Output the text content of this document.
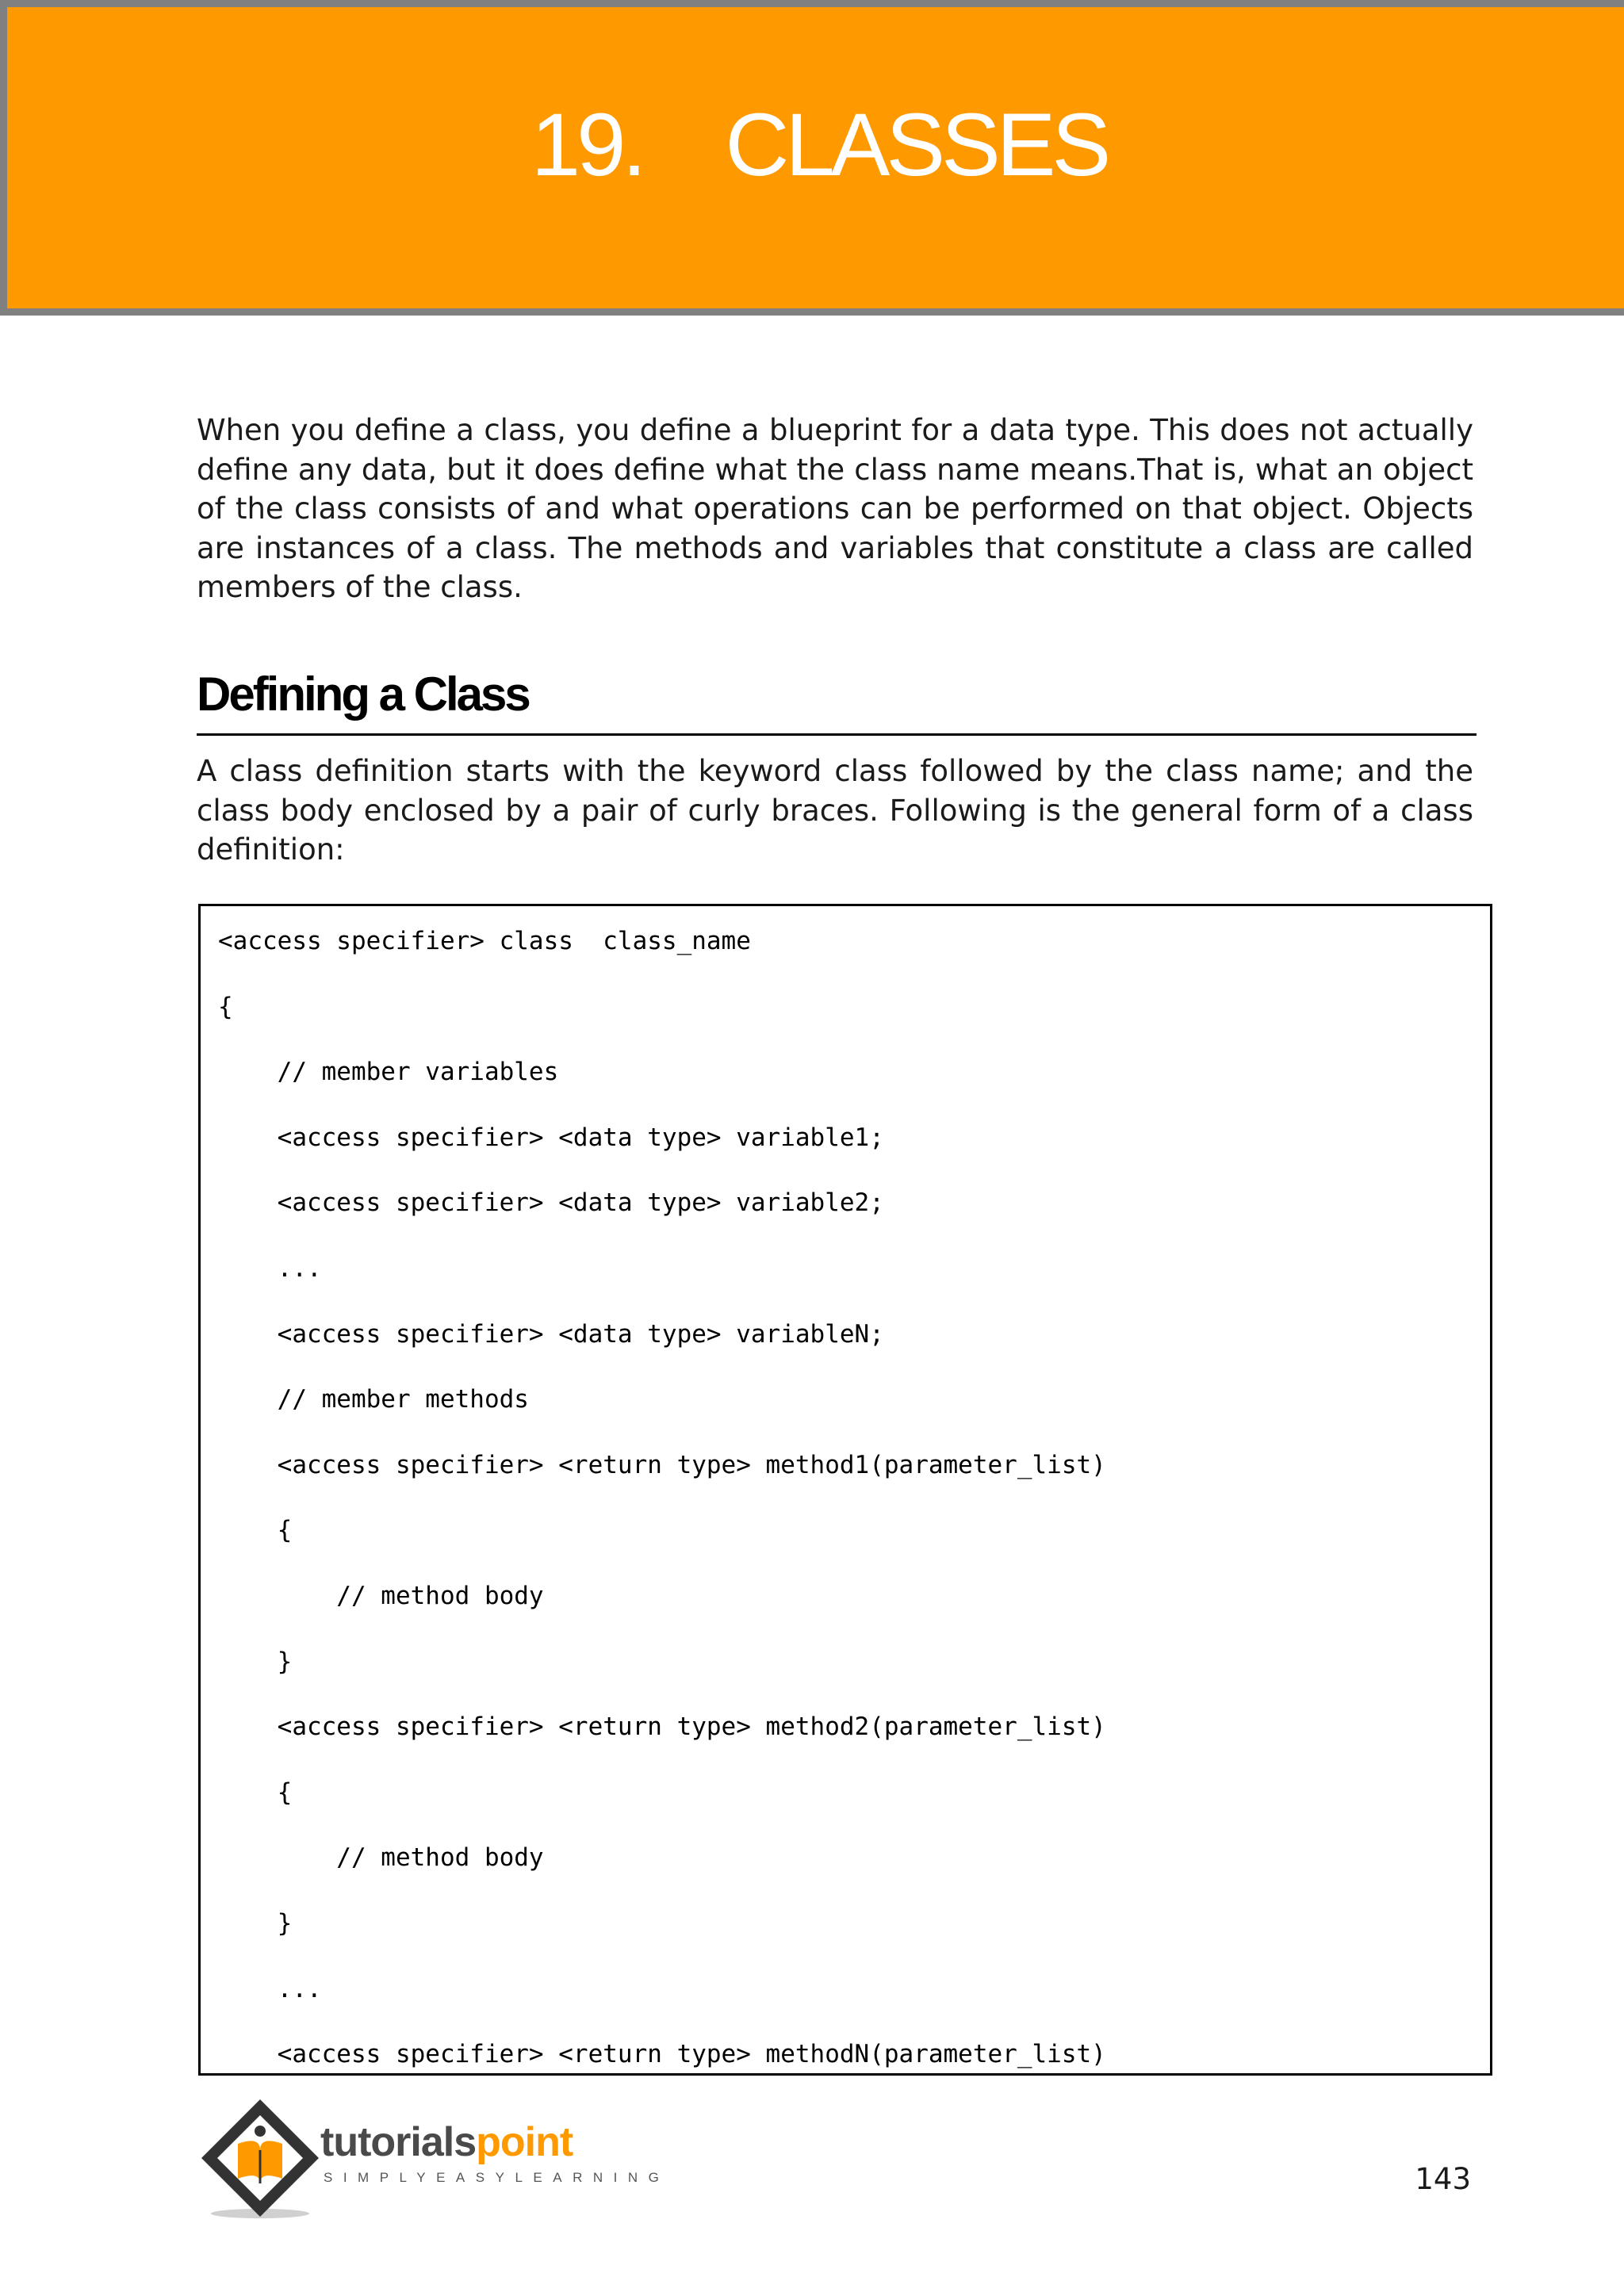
19. CLASSES

When you define a class, you define a blueprint for a data type. This does not actually define any data, but it does define what the class name means.That is, what an object of the class consists of and what operations can be performed on that object. Objects are instances of a class. The methods and variables that constitute a class are called members of the class.

Defining a Class

A class definition starts with the keyword class followed by the class name; and the class body enclosed by a pair of curly braces. Following is the general form of a class definition:

<access specifier> class  class_name
{
// member variables
<access specifier> <data type> variable1;
<access specifier> <data type> variable2;
...
<access specifier> <data type> variableN;
// member methods
<access specifier> <return type> method1(parameter_list)
{
// method body
}
<access specifier> <return type> method2(parameter_list)
{
// method body
}
...
<access specifier> <return type> methodN(parameter_list)
tutorialspoint
SIMPLYEASYLEARNING	143
